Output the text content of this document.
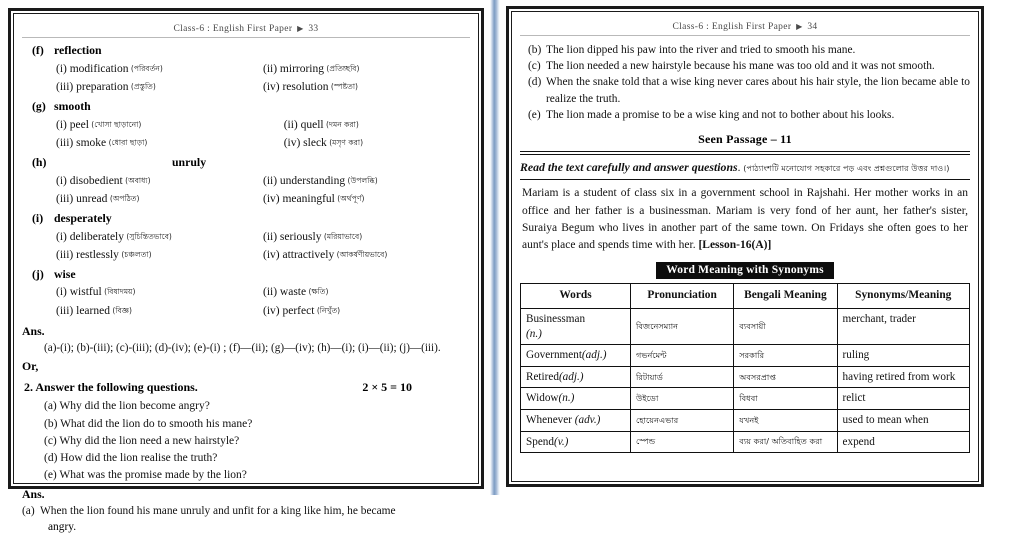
Class-6 : English First Paper ▶ 33
(f) reflection
(i) modification (পরিবর্তন)	(ii) mirroring (প্রতিচ্ছবি)
(iii) preparation (প্রস্তুতি)	(iv) resolution (স্পষ্টতা)
(g) smooth
(i) peel (খোসা ছাড়ানো)	(ii) quell (দমন করা)
(iii) smoke (ধোব়া ছাড়া)	(iv) sleck (মসৃণ করা)
(h)	unruly
(i) disobedient (অবাধ্য)	(ii) understanding (উপলব্ধি)
(iii) unread (অপঠিত)	(iv) meaningful (অর্থপূর্ণ)
(i) desperately
(i) deliberately (সুচিন্তিতভাবে)	(ii) seriously (মরিয়াভাবে)
(iii) restlessly (চঞ্চলতা)	(iv) attractively (আকর্ষণীয়ভাবে)
(j) wise
(i) wistful (বিষাদময়)	(ii) waste (ক্ষতি)
(iii) learned (বিজ্ঞ)	(iv) perfect (নিখুঁত)
Ans.
(a)-(i); (b)-(iii); (c)-(iii); (d)-(iv); (e)-(i) ; (f)—(ii); (g)—(iv); (h)—(i); (i)—(ii); (j)—(iii).
Or,
2. Answer the following questions.	2 × 5 = 10
(a) Why did the lion become angry?
(b) What did the lion do to smooth his mane?
(c) Why did the lion need a new hairstyle?
(d) How did the lion realise the truth?
(e) What was the promise made by the lion?
Ans.
(a) When the lion found his mane unruly and unfit for a king like him, he became
angry.
Class-6 : English First Paper ▶ 34
(b) The lion dipped his paw into the river and tried to smooth his mane.
(c) The lion needed a new hairstyle because his mane was too old and it was not smooth.
(d) When the snake told that a wise king never cares about his hair style, the lion became able to realize the truth.
(e) The lion made a promise to be a wise king and not to bother about his looks.
Seen Passage – 11
Read the text carefully and answer questions. (পাঠ্যাংশটি মনোযোগ সহকারে পড় এবং প্রশ্নগুলোর উত্তর দাও।)
Mariam is a student of class six in a government school in Rajshahi. Her mother works in an office and her father is a businessman. Mariam is very fond of her aunt, her father's sister, Suraiya Begum who lives in another part of the same town. On Fridays she often goes to her aunt's place and spends time with her. [Lesson-16(A)]
Word Meaning with Synonyms
Words	Pronunciation	Bengali Meaning	Synonyms/Meaning
Businessman
(n.)	বিজনেসম্যান	ব্যবসায়ী	merchant, trader
Government(adj.)	গভর্নমেন্ট	সরকারি	ruling
Retired(adj.)	রিটায়ার্ড	অবসরপ্রাপ্ত	having retired from work
Widow(n.)	উইডো	বিধবা	relict
Whenever (adv.)	হোয়েনএভার	যখনই	used to mean when
Spend(v.)	স্পেন্ড	ব্যয় করা/ অতিবাহিত করা	expend
